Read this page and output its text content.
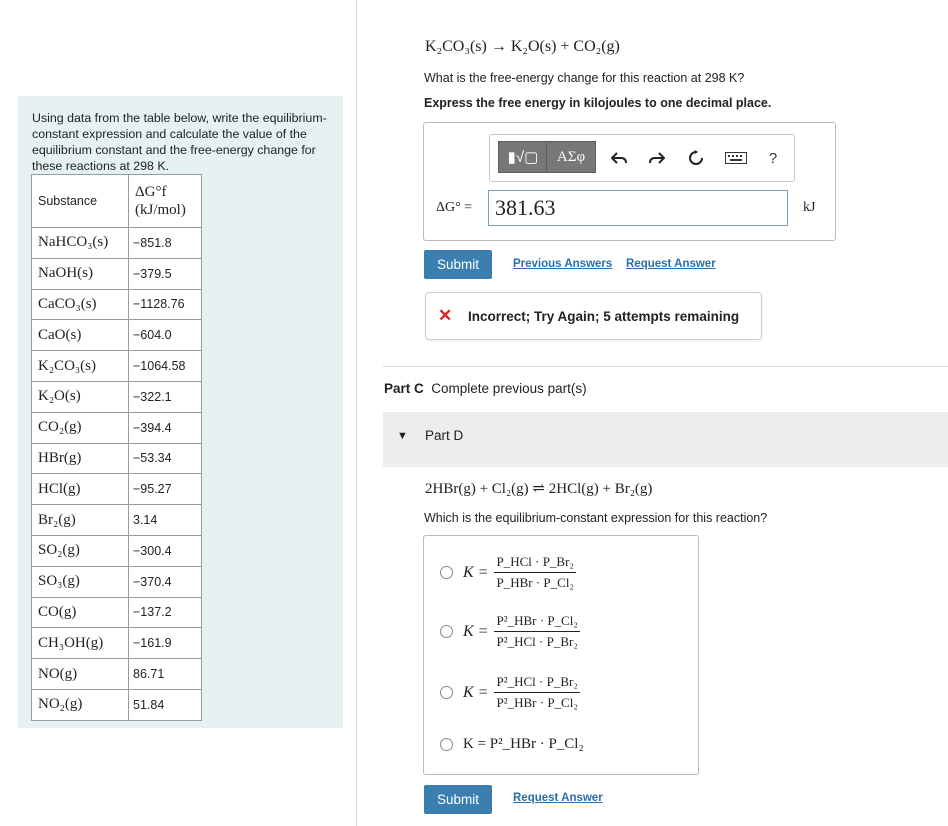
Using data from the table below, write the equilibrium-constant expression and calculate the value of the equilibrium constant and the free-energy change for these reactions at 298 K.
Substance	ΔG°f
(kJ/mol)

NaHCO₃(s)	−851.8
NaOH(s)	−379.5
CaCO₃(s)	−1128.76
CaO(s)	−604.0
K₂CO₃(s)	−1064.58
K₂O(s)	−322.1
CO₂(g)	−394.4
HBr(g)	−53.34
HCl(g)	−95.27
Br₂(g)	3.14
SO₂(g)	−300.4
SO₃(g)	−370.4
CO(g)	−137.2
CH₃OH(g)	−161.9
NO(g)	86.71
NO₂(g)	51.84
K₂CO₃(s) → K₂O(s) + CO₂(g)
What is the free-energy change for this reaction at 298 K?
Express the free energy in kilojoules to one decimal place.
▮√▢	ΑΣφ	?
ΔG° =
381.63	kJ
Submit	Previous Answers Request Answer
✕ Incorrect; Try Again; 5 attempts remaining
Part C Complete previous part(s)
▼ Part D
2HBr(g) + Cl₂(g) ⇌ 2HCl(g) + Br₂(g)
Which is the equilibrium-constant expression for this reaction?
$K = \frac{\text{P\_HCl · P\_Br₂}}{\text{P\_HBr · P\_Cl₂}}$
$K = \frac{\text{P²\_HBr · P\_Cl₂}}{\text{P²\_HCl · P\_Br₂}}$
$K = \frac{\text{P²\_HCl · P\_Br₂}}{\text{P²\_HBr · P\_Cl₂}}$
K = P²_HBr · P_Cl₂
Submit	Request Answer
